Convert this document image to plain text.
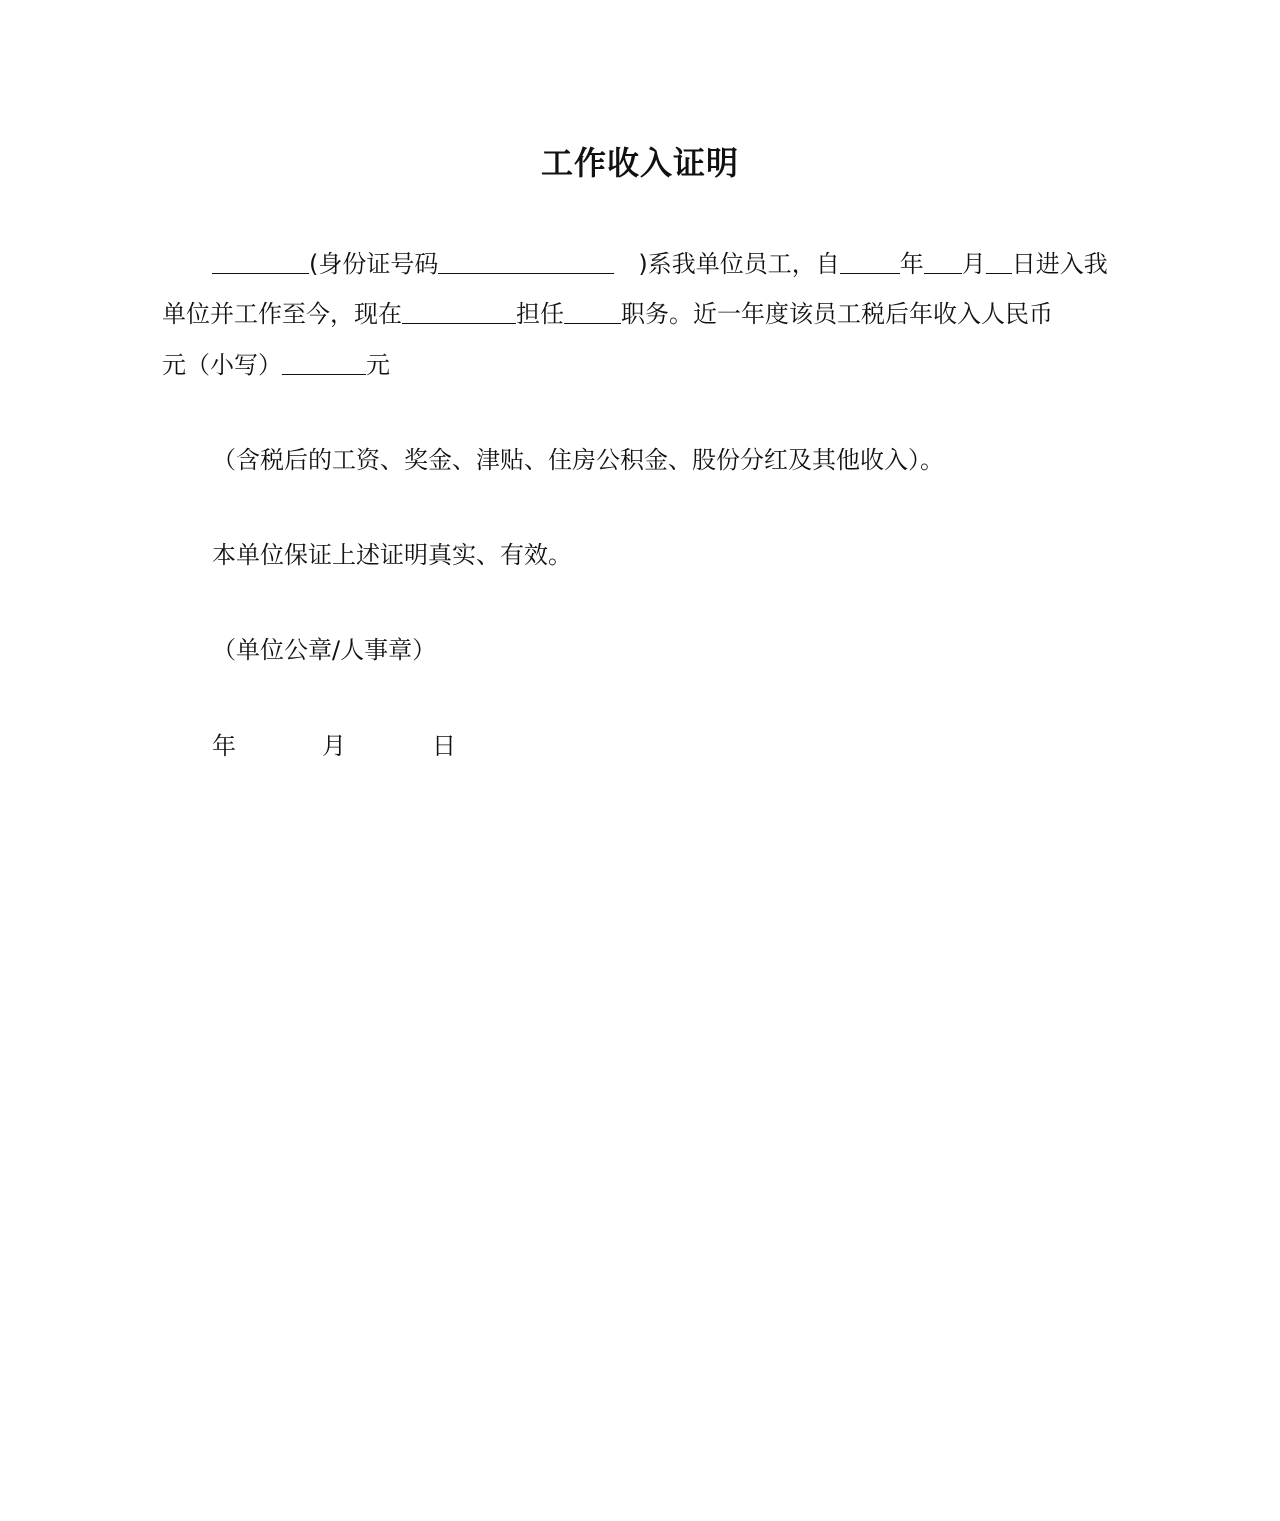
工作收入证明
(身份证号码	)系我单位员工，自	年 月 日进入我
单位并工作至今，现在	担任 职务。近一年度该员工税后年收入人民币
元（小写）	元
（含税后的工资、奖金、津贴、住房公积金、股份分红及其他收入）。
本单位保证上述证明真实、有效。
（单位公章/人事章）
年	月	日
